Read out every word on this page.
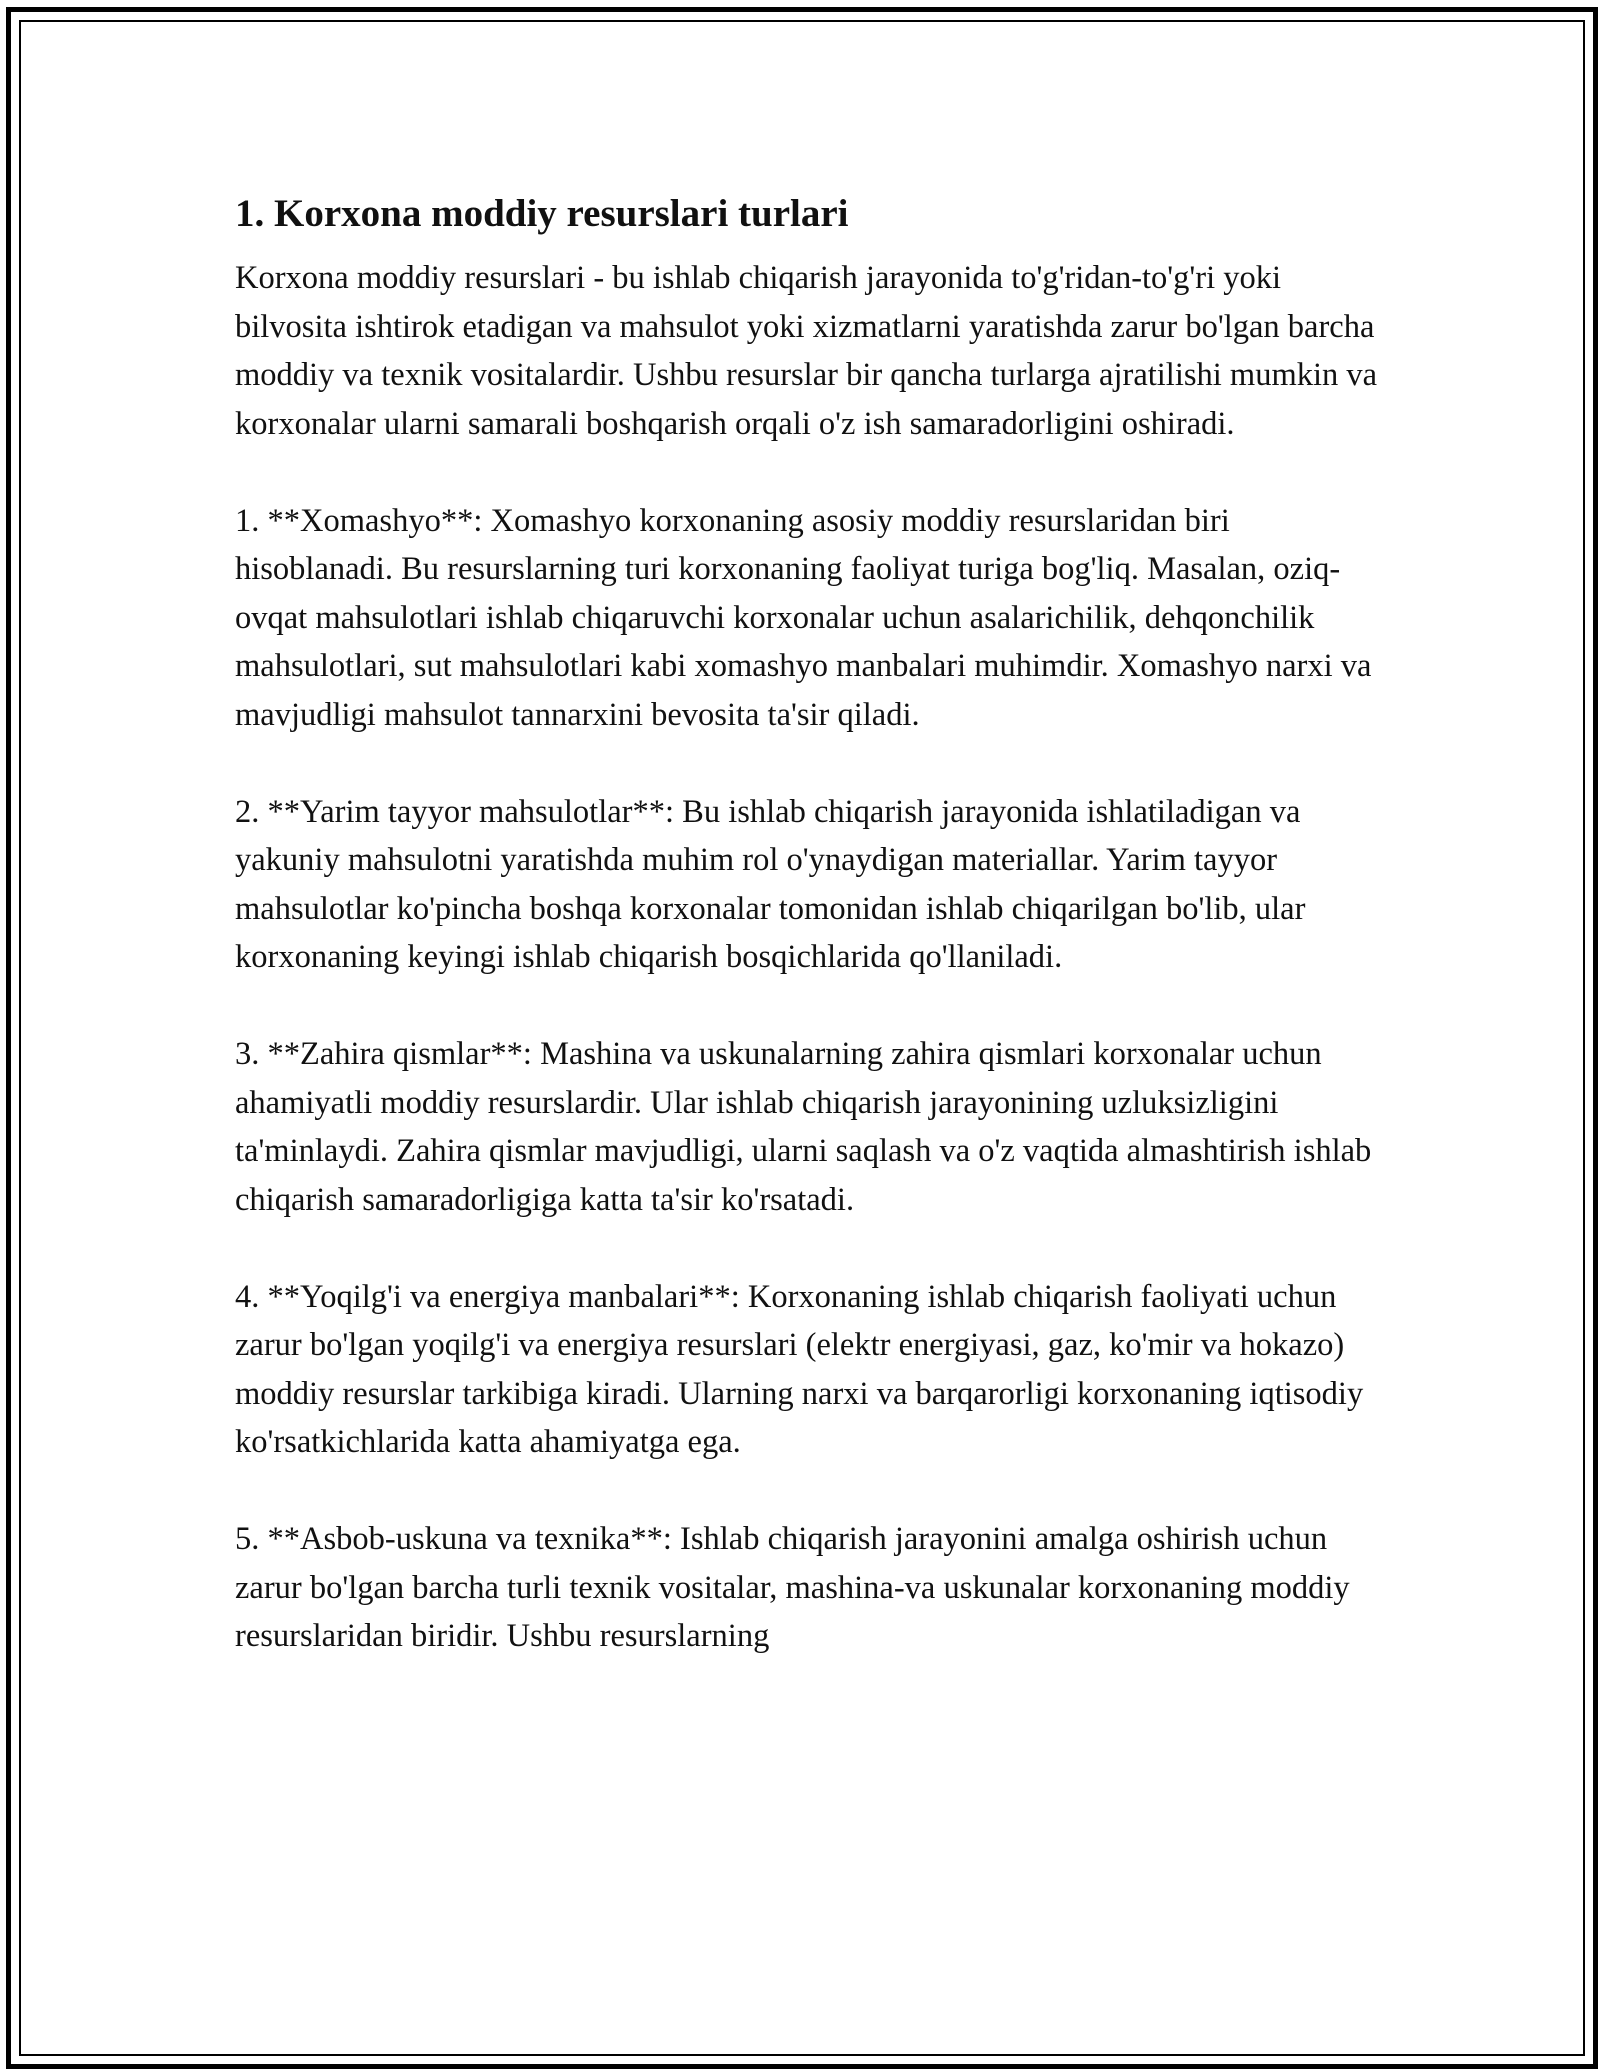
1. Korxona moddiy resurslari turlari

Korxona moddiy resurslari - bu ishlab chiqarish jarayonida to'g'ridan-to'g'ri yoki bilvosita ishtirok etadigan va mahsulot yoki xizmatlarni yaratishda zarur bo'lgan barcha moddiy va texnik vositalardir. Ushbu resurslar bir qancha turlarga ajratilishi mumkin va korxonalar ularni samarali boshqarish orqali o'z ish samaradorligini oshiradi.

1. **Xomashyo**: Xomashyo korxonaning asosiy moddiy resurslaridan biri hisoblanadi. Bu resurslarning turi korxonaning faoliyat turiga bog'liq. Masalan, oziq-ovqat mahsulotlari ishlab chiqaruvchi korxonalar uchun asalarichilik, dehqonchilik mahsulotlari, sut mahsulotlari kabi xomashyo manbalari muhimdir. Xomashyo narxi va mavjudligi mahsulot tannarxini bevosita ta'sir qiladi.

2. **Yarim tayyor mahsulotlar**: Bu ishlab chiqarish jarayonida ishlatiladigan va yakuniy mahsulotni yaratishda muhim rol o'ynaydigan materiallar. Yarim tayyor mahsulotlar ko'pincha boshqa korxonalar tomonidan ishlab chiqarilgan bo'lib, ular korxonaning keyingi ishlab chiqarish bosqichlarida qo'llaniladi.

3. **Zahira qismlar**: Mashina va uskunalarning zahira qismlari korxonalar uchun ahamiyatli moddiy resurslardir. Ular ishlab chiqarish jarayonining uzluksizligini ta'minlaydi. Zahira qismlar mavjudligi, ularni saqlash va o'z vaqtida almashtirish ishlab chiqarish samaradorligiga katta ta'sir ko'rsatadi.

4. **Yoqilg'i va energiya manbalari**: Korxonaning ishlab chiqarish faoliyati uchun zarur bo'lgan yoqilg'i va energiya resurslari (elektr energiyasi, gaz, ko'mir va hokazo) moddiy resurslar tarkibiga kiradi. Ularning narxi va barqarorligi korxonaning iqtisodiy ko'rsatkichlarida katta ahamiyatga ega.

5. **Asbob-uskuna va texnika**: Ishlab chiqarish jarayonini amalga oshirish uchun zarur bo'lgan barcha turli texnik vositalar, mashina-va uskunalar korxonaning moddiy resurslaridan biridir. Ushbu resurslarning
